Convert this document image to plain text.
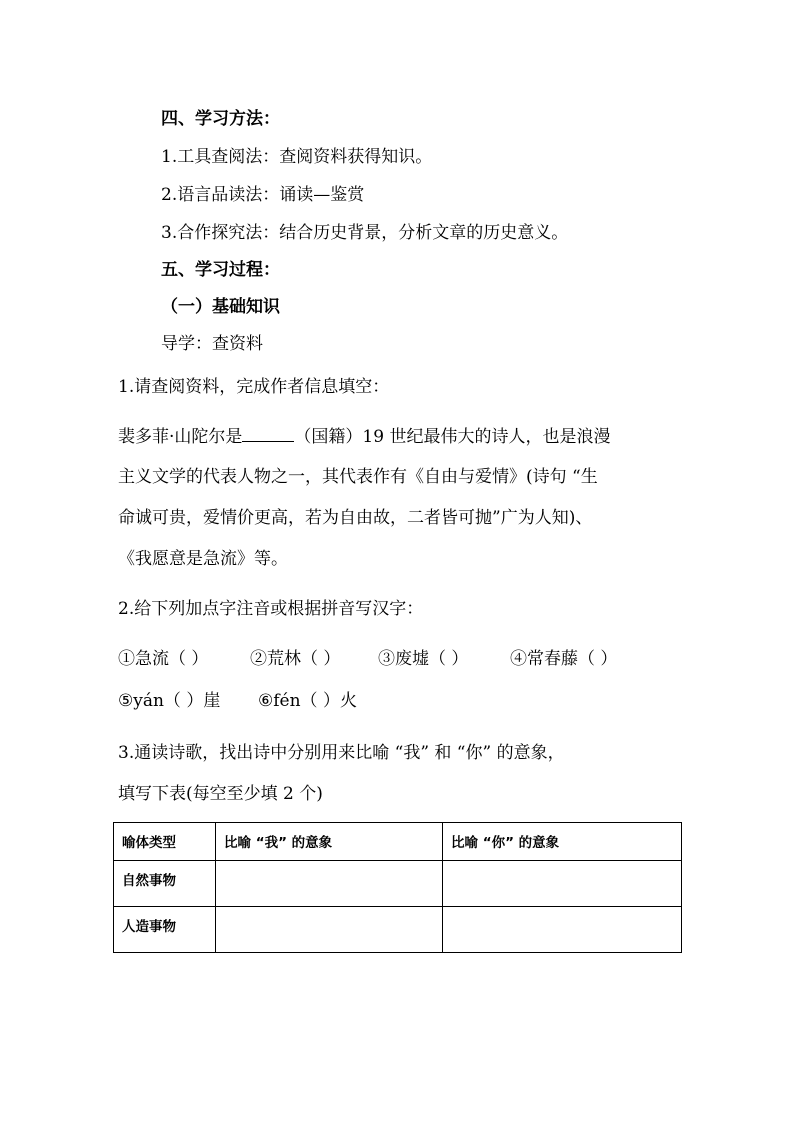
四、学习方法：
1.工具查阅法：查阅资料获得知识。
2.语言品读法：诵读—鉴赏
3.合作探究法：结合历史背景，分析文章的历史意义。
五、学习过程：
（一）基础知识
导学：查资料
1.请查阅资料，完成作者信息填空：
裴多菲·山陀尔是	（国籍）19 世纪最伟大的诗人，也是浪漫
主义文学的代表人物之一，其代表作有《自由与爱情》(诗句 “生
命诚可贵，爱情价更高，若为自由故，二者皆可抛”广为人知)、
《我愿意是急流》等。
2.给下列加点字注音或根据拼音写汉字：
①急流（ ） ②荒林（ ） ③废墟（ ） ④常春藤（ ）
⑤yán（ ）崖 ⑥fén（ ）火
3.通读诗歌，找出诗中分别用来比喻 “我” 和 “你” 的意象，
填写下表(每空至少填 2 个)
喻体类型	比喻 “我” 的意象	比喻 “你” 的意象
自然事物		
人造事物		
